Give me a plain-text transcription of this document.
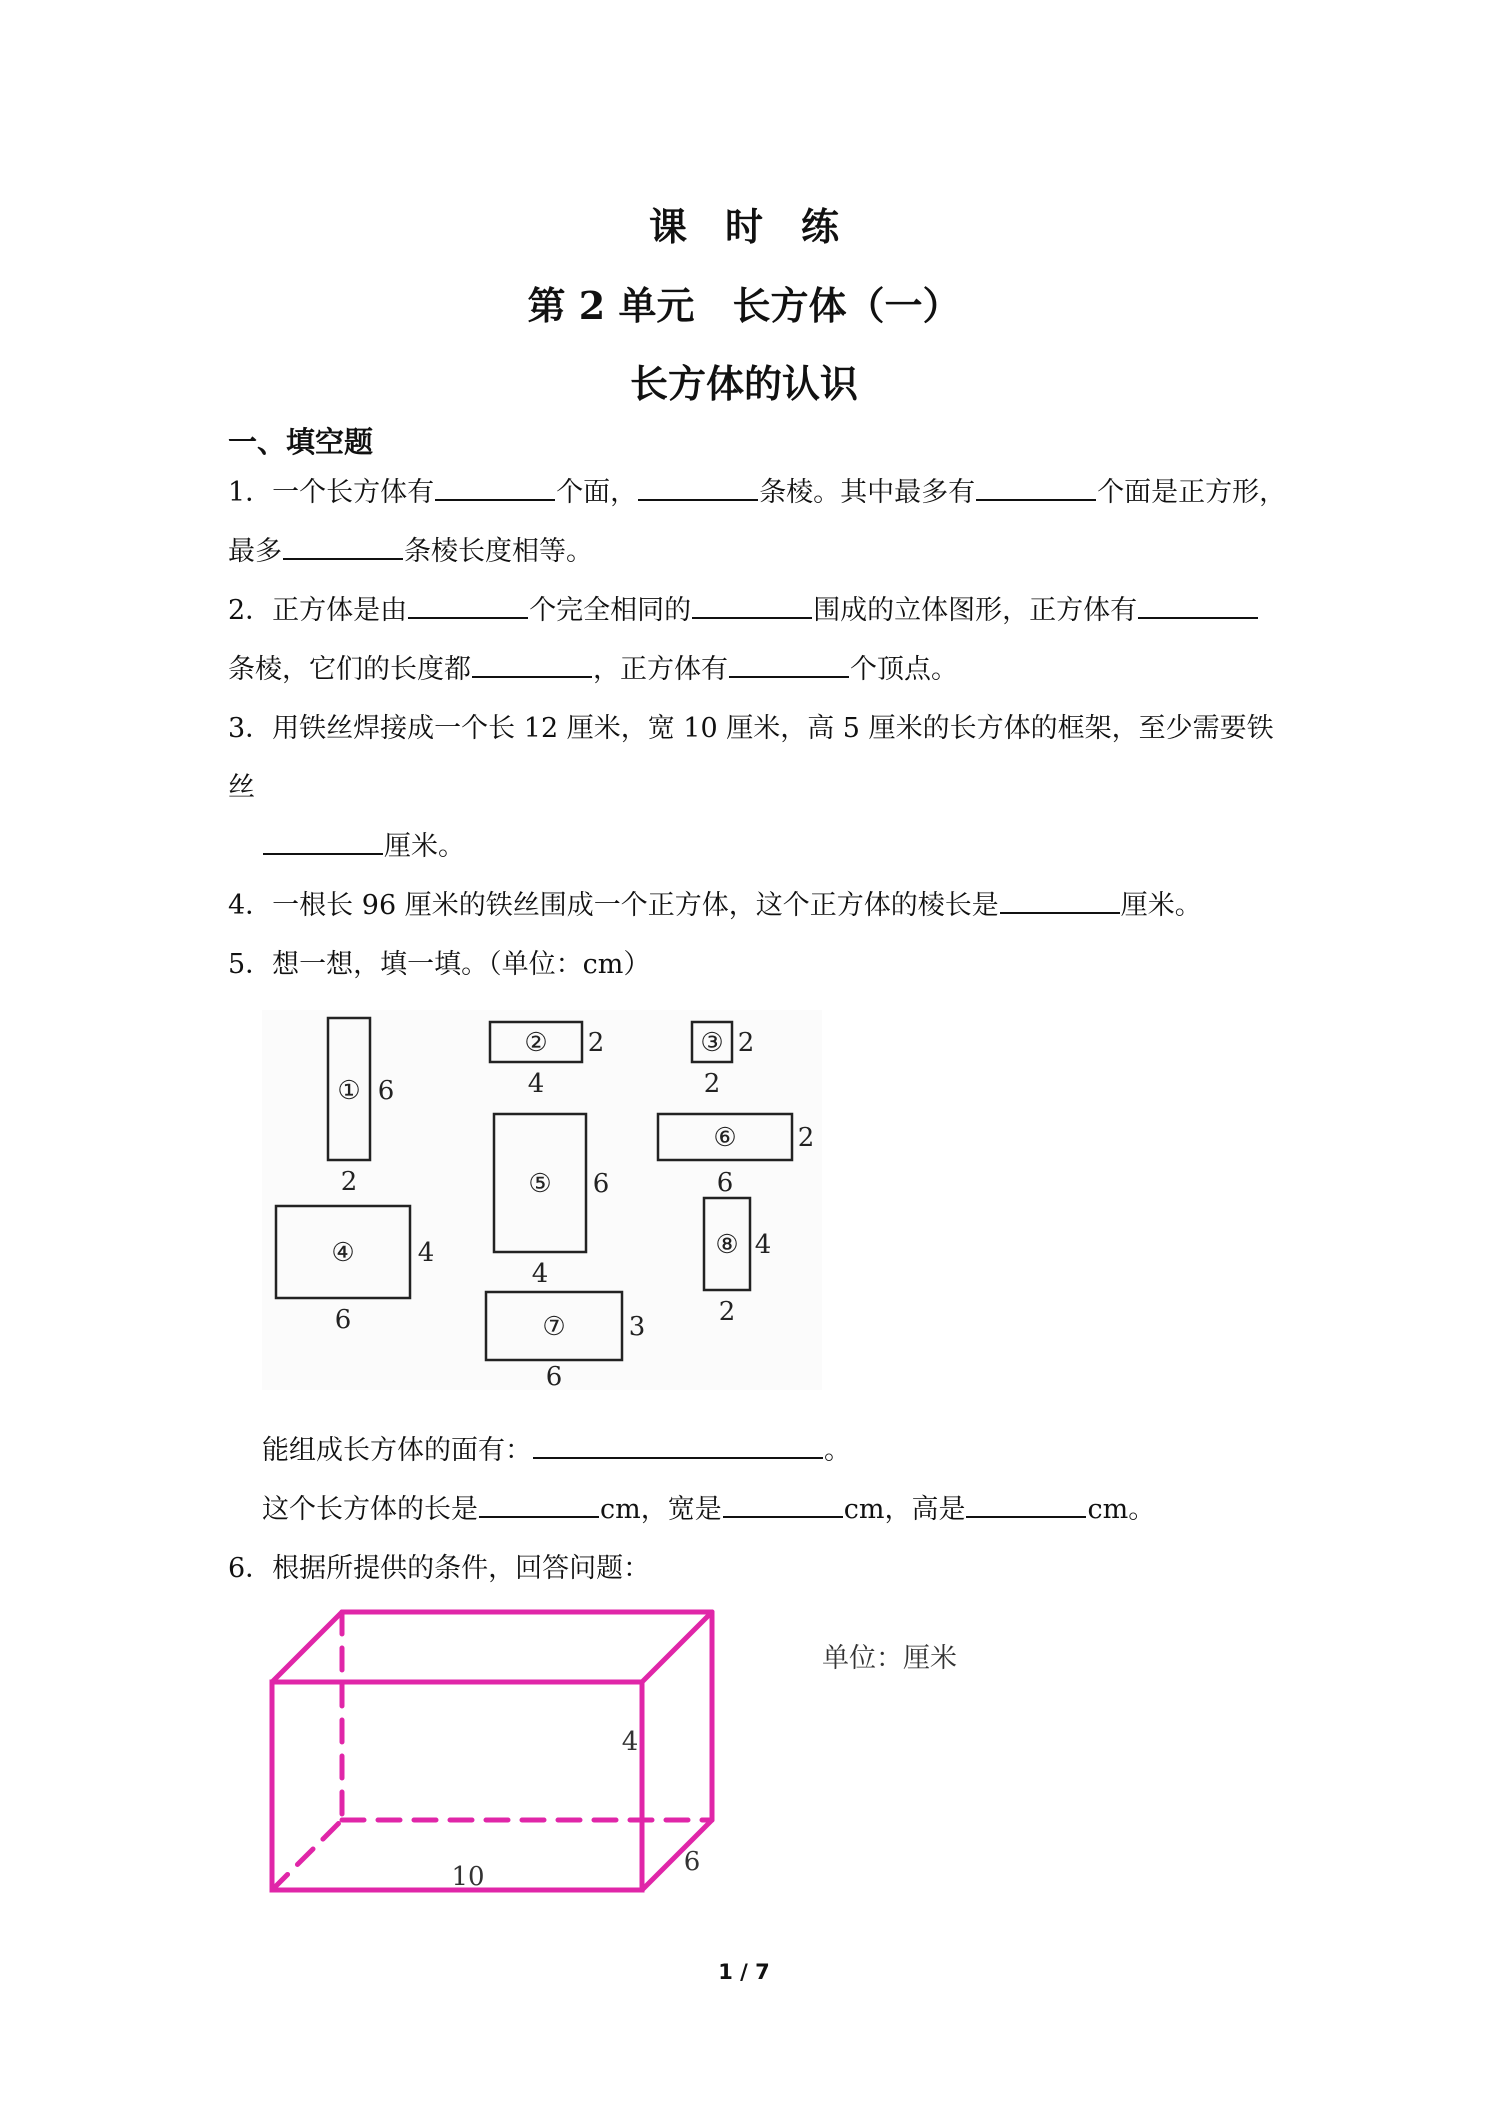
课　时　练
第 2 单元　长方体（一）
长方体的认识
一、填空题
1．一个长方体有	个面，	条棱。其中最多有	个面是正方形，
最多	条棱长度相等。
2．正方体是由	个完全相同的	围成的立体图形，正方体有
条棱，它们的长度都	，正方体有	个顶点。
3．用铁丝焊接成一个长 12 厘米，宽 10 厘米，高 5 厘米的长方体的框架，至少需要铁
丝
厘米。
4．一根长 96 厘米的铁丝围成一个正方体，这个正方体的棱长是	厘米。
5．想一想，填一填。（单位：cm）
① 6
2
② 2
4
③ 2
2
④ 4
6
⑤ 6
4
⑥ 2
6
⑦ 3
6
⑧ 4
2
能组成长方体的面有：	。
这个长方体的长是	cm，宽是	cm，高是	cm。
6．根据所提供的条件，回答问题：
10	6
4
单位：厘米
1 / 7
